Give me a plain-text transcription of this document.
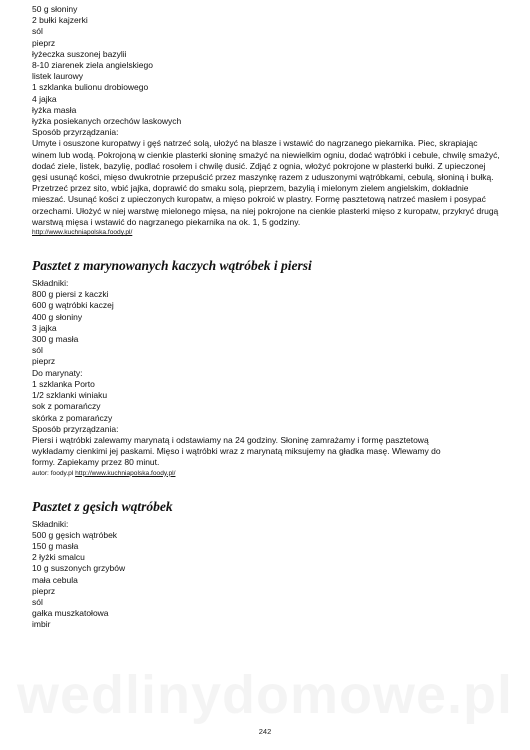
50 g słoniny
2 bułki kajzerki
sól
pieprz
łyżeczka suszonej bazylii
8-10 ziarenek ziela angielskiego
listek laurowy
1 szklanka bulionu drobiowego
4 jajka
łyżka masła
łyżka posiekanych orzechów laskowych
Sposób przyrządzania:
Umyte i osuszone kuropatwy i gęś natrzeć solą, ułożyć na blasze i wstawić do nagrzanego piekarnika. Piec, skrapiając winem lub wodą. Pokrojoną w cienkie plasterki słoninę smażyć na niewielkim ogniu, dodać wątróbki i cebule, chwilę smażyć, dodać ziele, listek, bazylię, podlać rosołem i chwilę dusić. Zdjąć z ognia, włożyć pokrojone w plasterki bułki. Z upieczonej gęsi usunąć kości, mięso dwukrotnie przepuścić przez maszynkę razem z uduszonymi wątróbkami, cebulą, słoniną i bułką. Przetrzeć przez sito, wbić jajka, doprawić do smaku solą, pieprzem, bazylią i mielonym zielem angielskim, dokładnie mieszać. Usunąć kości z upieczonych kuropatw, a mięso pokroić w plastry. Formę pasztetową natrzeć masłem i posypać orzechami. Ułożyć w niej warstwę mielonego mięsa, na niej pokrojone na cienkie plasterki mięso z kuropatw, przykryć drugą warstwą mięsa i wstawić do nagrzanego piekarnika na ok. 1, 5 godziny.
http://www.kuchniapolska.foody.pl/
Pasztet z marynowanych kaczych wątróbek i piersi
Składniki:
800 g piersi z kaczki
600 g wątróbki kaczej
400 g słoniny
3 jajka
300 g masła
sól
pieprz
Do marynaty:
1 szklanka Porto
1/2 szklanki winiaku
sok z pomarańczy
skórka z pomarańczy
Sposób przyrządzania:
Piersi i wątróbki zalewamy marynatą i odstawiamy na 24 godziny. Słoninę zamrażamy i formę pasztetową wykładamy cienkimi jej paskami. Mięso i wątróbki wraz z marynatą miksujemy na gładka masę. Wlewamy do formy. Zapiekamy przez 80 minut.
autor: foody.pl http://www.kuchniapolska.foody.pl/
Pasztet z gęsich wątróbek
Składniki:
500 g gęsich wątróbek
150 g masła
2 łyżki smalcu
10 g suszonych grzybów
mała cebula
pieprz
sól
gałka muszkatołowa
imbir
242
